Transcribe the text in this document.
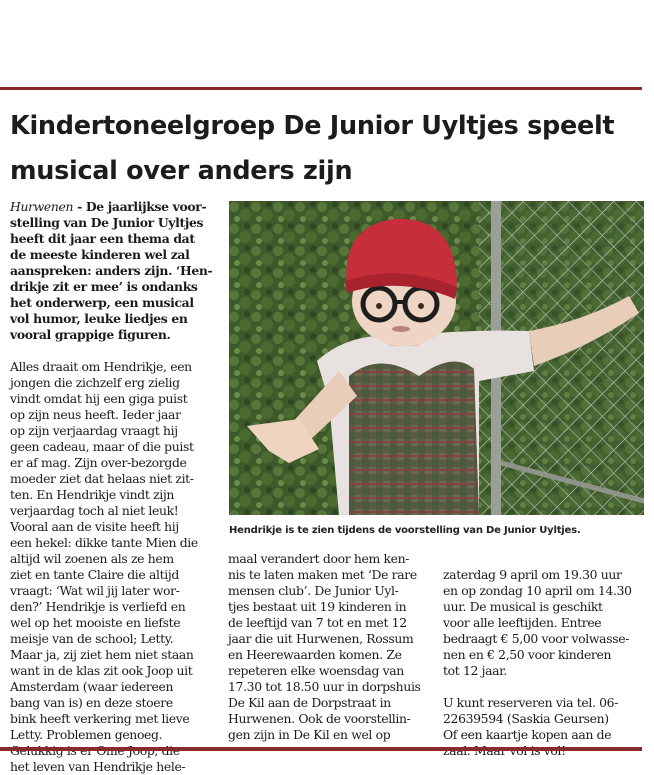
Kindertoneelgroep De Junior Uyltjes speelt
musical over anders zijn
Hurwenen - De jaarlijkse voor-
stelling van De Junior Uyltjes
heeft dit jaar een thema dat
de meeste kinderen wel zal
aanspreken: anders zijn. ‘Hen-
drikje zit er mee’ is ondanks
het onderwerp, een musical
vol humor, leuke liedjes en
vooral grappige figuren.
Alles draait om Hendrikje, een
jongen die zichzelf erg zielig
vindt omdat hij een giga puist
op zijn neus heeft. Ieder jaar
op zijn verjaardag vraagt hij
geen cadeau, maar of die puist
er af mag. Zijn over-bezorgde
moeder ziet dat helaas niet zit-
ten. En Hendrikje vindt zijn
verjaardag toch al niet leuk!
Vooral aan de visite heeft hij
een hekel: dikke tante Mien die
altijd wil zoenen als ze hem
ziet en tante Claire die altijd
vraagt: ‘Wat wil jij later wor-
den?’ Hendrikje is verliefd en
wel op het mooiste en liefste
meisje van de school; Letty.
Maar ja, zij ziet hem niet staan
want in de klas zit ook Joop uit
Amsterdam (waar iedereen
bang van is) en deze stoere
bink heeft verkering met lieve
Letty. Problemen genoeg.
het leven van Hendrikje hele-
Hendrikje is te zien tijdens de voorstelling van De Junior Uyltjes.
maal verandert door hem ken-
nis te laten maken met ‘De rare
mensen club’. De Junior Uyl-
tjes bestaat uit 19 kinderen in
de leeftijd van 7 tot en met 12
jaar die uit Hurwenen, Rossum
en Heerewaarden komen. Ze
repeteren elke woensdag van
17.30 tot 18.50 uur in dorpshuis
De Kil aan de Dorpstraat in
Hurwenen. Ook de voorstellin-
gen zijn in De Kil en wel op
zaterdag 9 april om 19.30 uur
en op zondag 10 april om 14.30
uur. De musical is geschikt
voor alle leeftijden. Entree
bedraagt € 5,00 voor volwasse-
nen en € 2,50 voor kinderen
tot 12 jaar.
U kunt reserveren via tel. 06-
22639594 (Saskia Geursen)
Of een kaartje kopen aan de
